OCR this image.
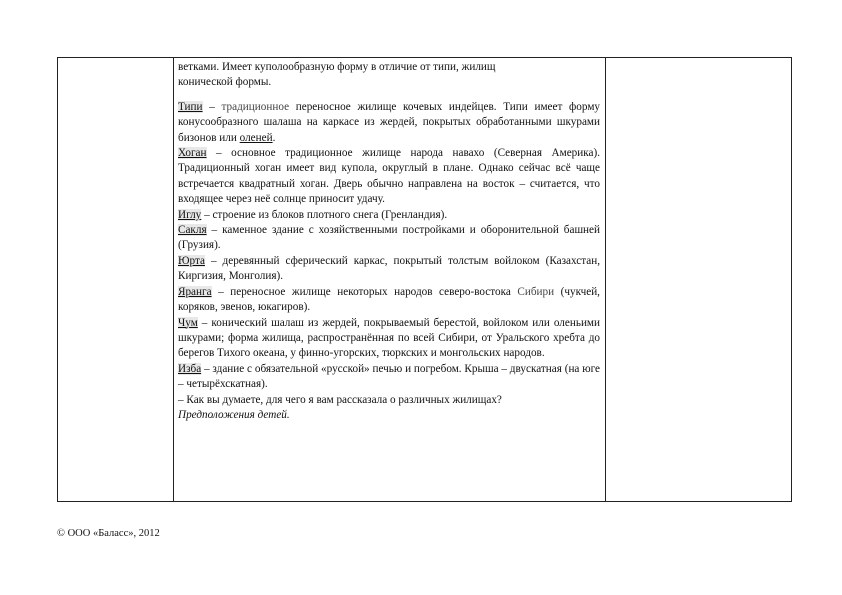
ветками. Имеет куполообразную форму в отличие от типи, жилищ
конической формы.

Типи – традиционное переносное жилище кочевых индейцев. Типи имеет форму конусообразного шалаша на каркасе из жердей, покрытых обработанными шкурами бизонов или оленей.

Хоган – основное традиционное жилище народа навахо (Северная Америка). Традиционный хоган имеет вид купола, округлый в плане. Однако сейчас всё чаще встречается квадратный хоган. Дверь обычно направлена на восток – считается, что входящее через неё солнце приносит удачу.

Иглу – строение из блоков плотного снега (Гренландия).

Сакля – каменное здание с хозяйственными постройками и оборонительной башней (Грузия).

Юрта – деревянный сферический каркас, покрытый толстым войлоком (Казахстан, Киргизия, Монголия).

Яранга – переносное жилище некоторых народов северо-востока Сибири (чукчей, коряков, эвенов, юкагиров).

Чум – конический шалаш из жердей, покрываемый берестой, войлоком или оленьими шкурами; форма жилища, распространённая по всей Сибири, от Уральского хребта до берегов Тихого океана, у финно-угорских, тюркских и монгольских народов.

Изба – здание с обязательной «русской» печью и погребом. Крыша – двускатная (на юге – четырёхскатная).

– Как вы думаете, для чего я вам рассказала о различных жилищах?

Предположения детей.

© ООО «Баласс», 2012
